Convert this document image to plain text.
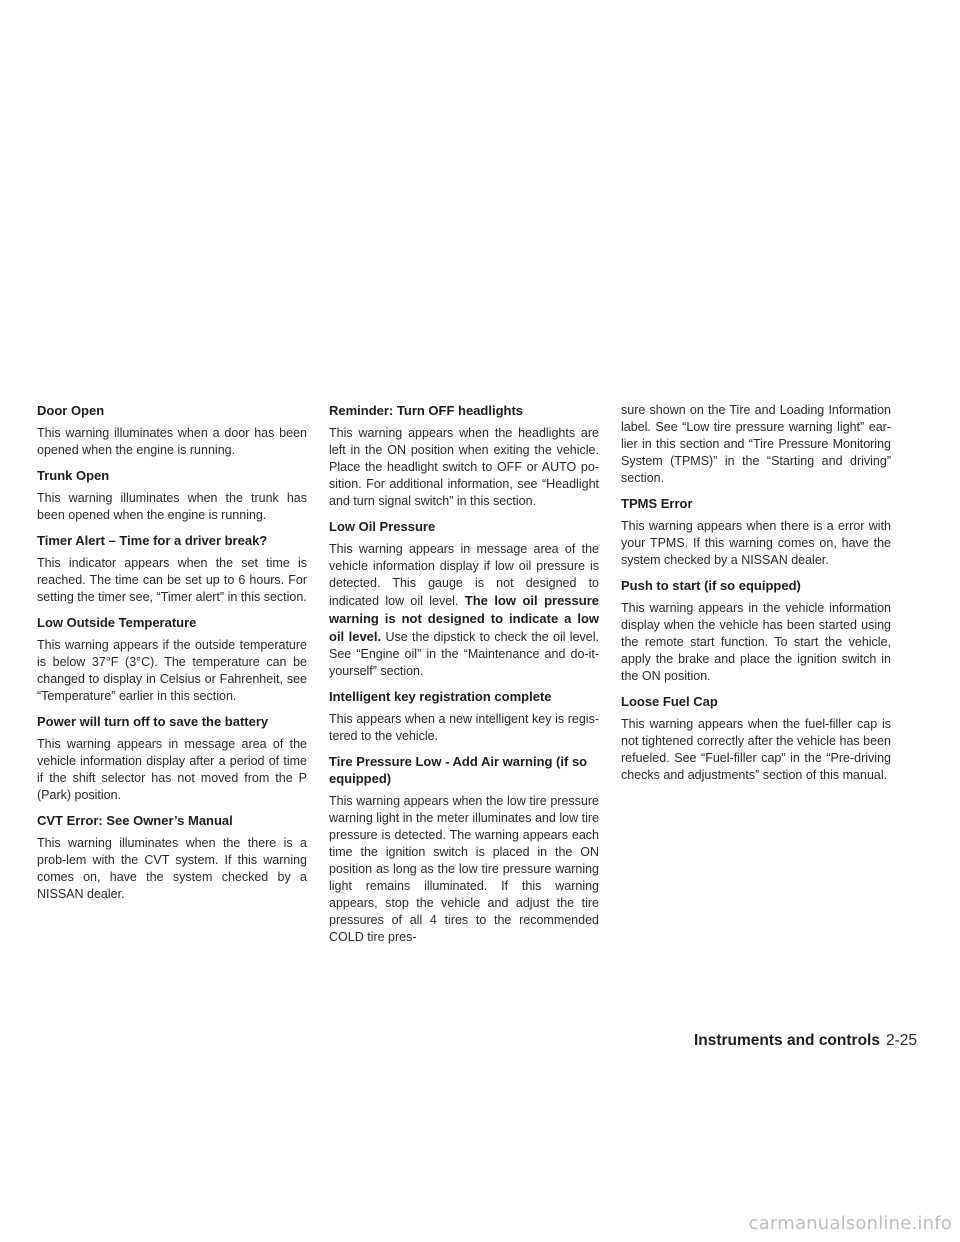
Door Open

This warning illuminates when a door has been opened when the engine is running.

Trunk Open

This warning illuminates when the trunk has been opened when the engine is running.

Timer Alert – Time for a driver break?

This indicator appears when the set time is reached. The time can be set up to 6 hours. For setting the timer see, “Timer alert” in this section.

Low Outside Temperature

This warning appears if the outside temperature is below 37°F (3°C). The temperature can be changed to display in Celsius or Fahrenheit, see “Temperature” earlier in this section.

Power will turn off to save the battery

This warning appears in message area of the vehicle information display after a period of time if the shift selector has not moved from the P (Park) position.

CVT Error: See Owner’s Manual

This warning illuminates when the there is a prob-lem with the CVT system. If this warning comes on, have the system checked by a NISSAN dealer.

Reminder: Turn OFF headlights

This warning appears when the headlights are left in the ON position when exiting the vehicle. Place the headlight switch to OFF or AUTO po-sition. For additional information, see “Headlight and turn signal switch” in this section.

Low Oil Pressure

This warning appears in message area of the vehicle information display if low oil pressure is detected. This gauge is not designed to indicated low oil level. The low oil pressure warning is not designed to indicate a low oil level. Use the dipstick to check the oil level. See “Engine oil” in the “Maintenance and do-it-yourself” section.

Intelligent key registration complete

This appears when a new intelligent key is regis-tered to the vehicle.

Tire Pressure Low - Add Air warning (if so equipped)

This warning appears when the low tire pressure warning light in the meter illuminates and low tire pressure is detected. The warning appears each time the ignition switch is placed in the ON position as long as the low tire pressure warning light remains illuminated. If this warning appears, stop the vehicle and adjust the tire pressures of all 4 tires to the recommended COLD tire pres-

sure shown on the Tire and Loading Information label. See “Low tire pressure warning light” ear-lier in this section and “Tire Pressure Monitoring System (TPMS)” in the “Starting and driving” section.

TPMS Error

This warning appears when there is a error with your TPMS. If this warning comes on, have the system checked by a NISSAN dealer.

Push to start (if so equipped)

This warning appears in the vehicle information display when the vehicle has been started using the remote start function. To start the vehicle, apply the brake and place the ignition switch in the ON position.

Loose Fuel Cap

This warning appears when the fuel-filler cap is not tightened correctly after the vehicle has been refueled. See “Fuel-filler cap” in the “Pre-driving checks and adjustments” section of this manual.

Instruments and controls 2-25
carmanualsonline.info
